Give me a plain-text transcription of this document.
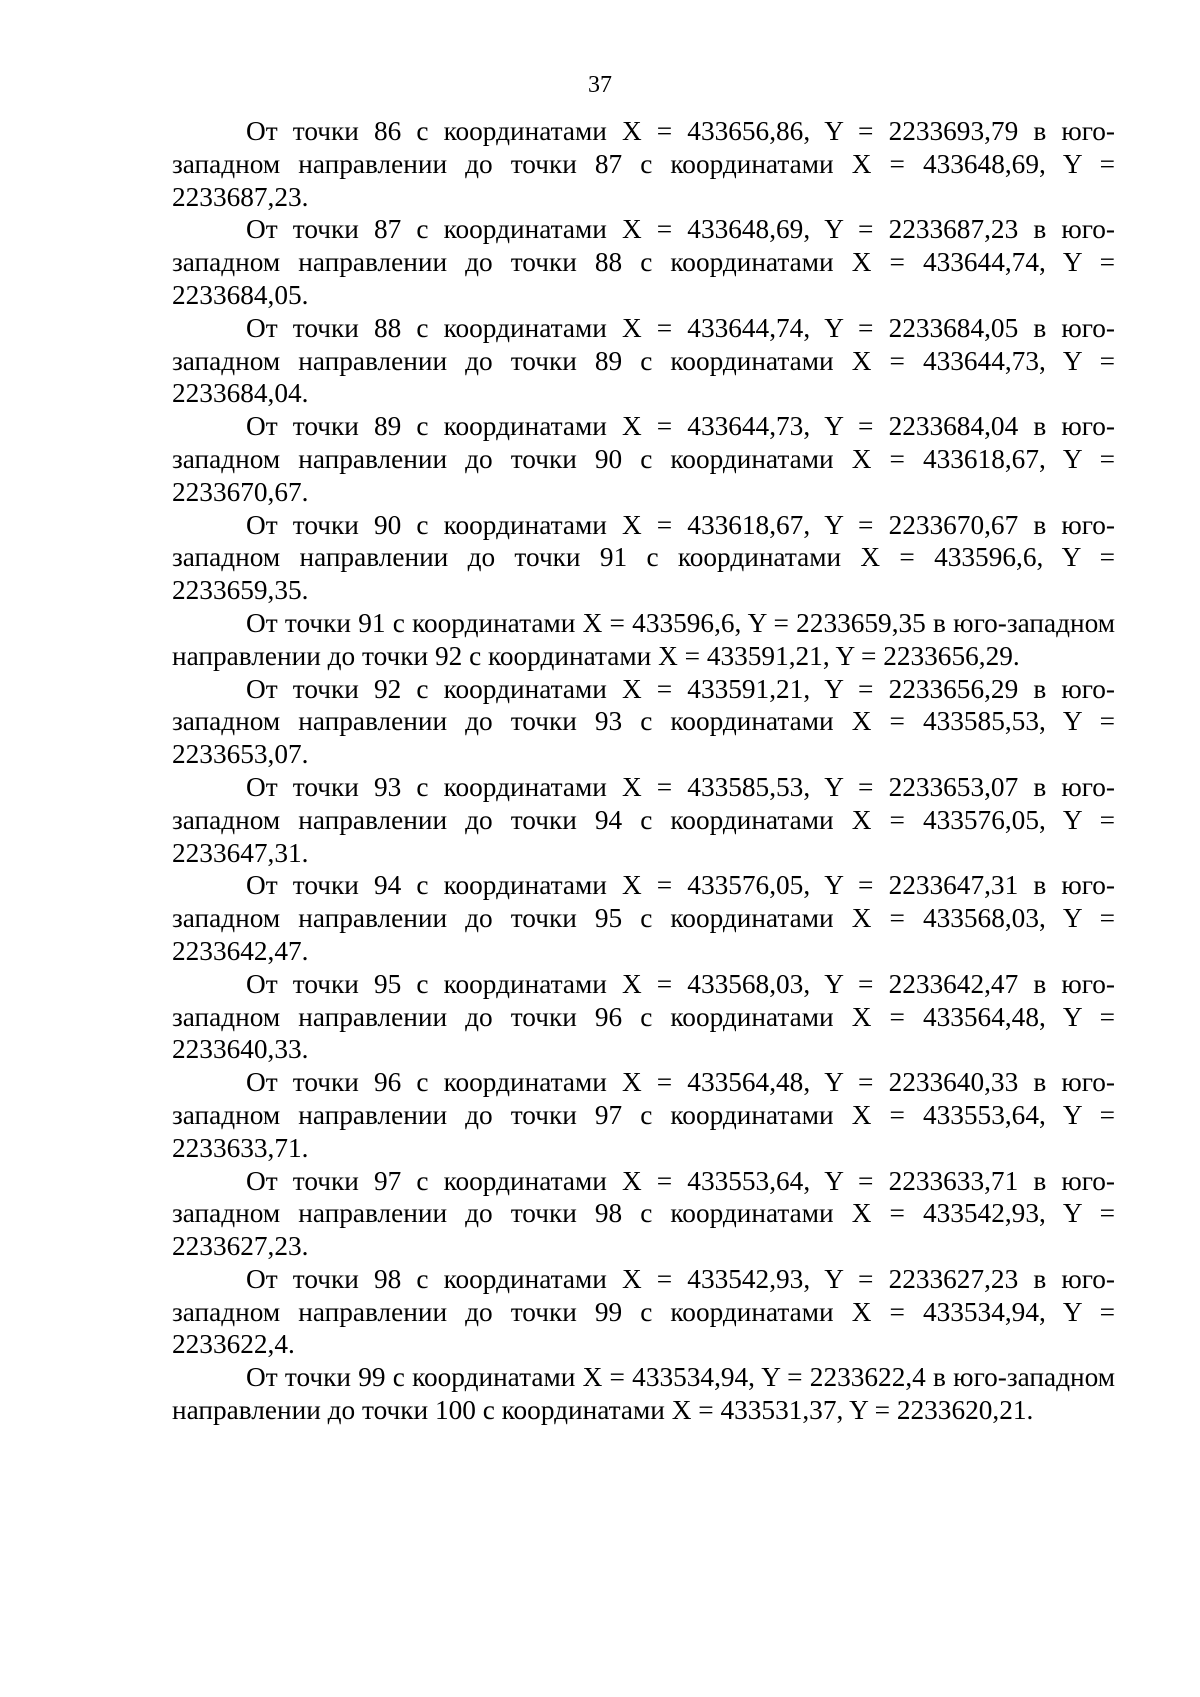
37

От точки 86 с координатами X = 433656,86, Y = 2233693,79 в юго-западном направлении до точки 87 с координатами X = 433648,69, Y = 2233687,23.

От точки 87 с координатами X = 433648,69, Y = 2233687,23 в юго-западном направлении до точки 88 с координатами X = 433644,74, Y = 2233684,05.

От точки 88 с координатами X = 433644,74, Y = 2233684,05 в юго-западном направлении до точки 89 с координатами X = 433644,73, Y = 2233684,04.

От точки 89 с координатами X = 433644,73, Y = 2233684,04 в юго-западном направлении до точки 90 с координатами X = 433618,67, Y = 2233670,67.

От точки 90 с координатами X = 433618,67, Y = 2233670,67 в юго-западном направлении до точки 91 с координатами X = 433596,6, Y = 2233659,35.

От точки 91 с координатами X = 433596,6, Y = 2233659,35 в юго-западном направлении до точки 92 с координатами X = 433591,21, Y = 2233656,29.

От точки 92 с координатами X = 433591,21, Y = 2233656,29 в юго-западном направлении до точки 93 с координатами X = 433585,53, Y = 2233653,07.

От точки 93 с координатами X = 433585,53, Y = 2233653,07 в юго-западном направлении до точки 94 с координатами X = 433576,05, Y = 2233647,31.

От точки 94 с координатами X = 433576,05, Y = 2233647,31 в юго-западном направлении до точки 95 с координатами X = 433568,03, Y = 2233642,47.

От точки 95 с координатами X = 433568,03, Y = 2233642,47 в юго-западном направлении до точки 96 с координатами X = 433564,48, Y = 2233640,33.

От точки 96 с координатами X = 433564,48, Y = 2233640,33 в юго-западном направлении до точки 97 с координатами X = 433553,64, Y = 2233633,71.

От точки 97 с координатами X = 433553,64, Y = 2233633,71 в юго-западном направлении до точки 98 с координатами X = 433542,93, Y = 2233627,23.

От точки 98 с координатами X = 433542,93, Y = 2233627,23 в юго-западном направлении до точки 99 с координатами X = 433534,94, Y = 2233622,4.

От точки 99 с координатами X = 433534,94, Y = 2233622,4 в юго-западном направлении до точки 100 с координатами X = 433531,37, Y = 2233620,21.
